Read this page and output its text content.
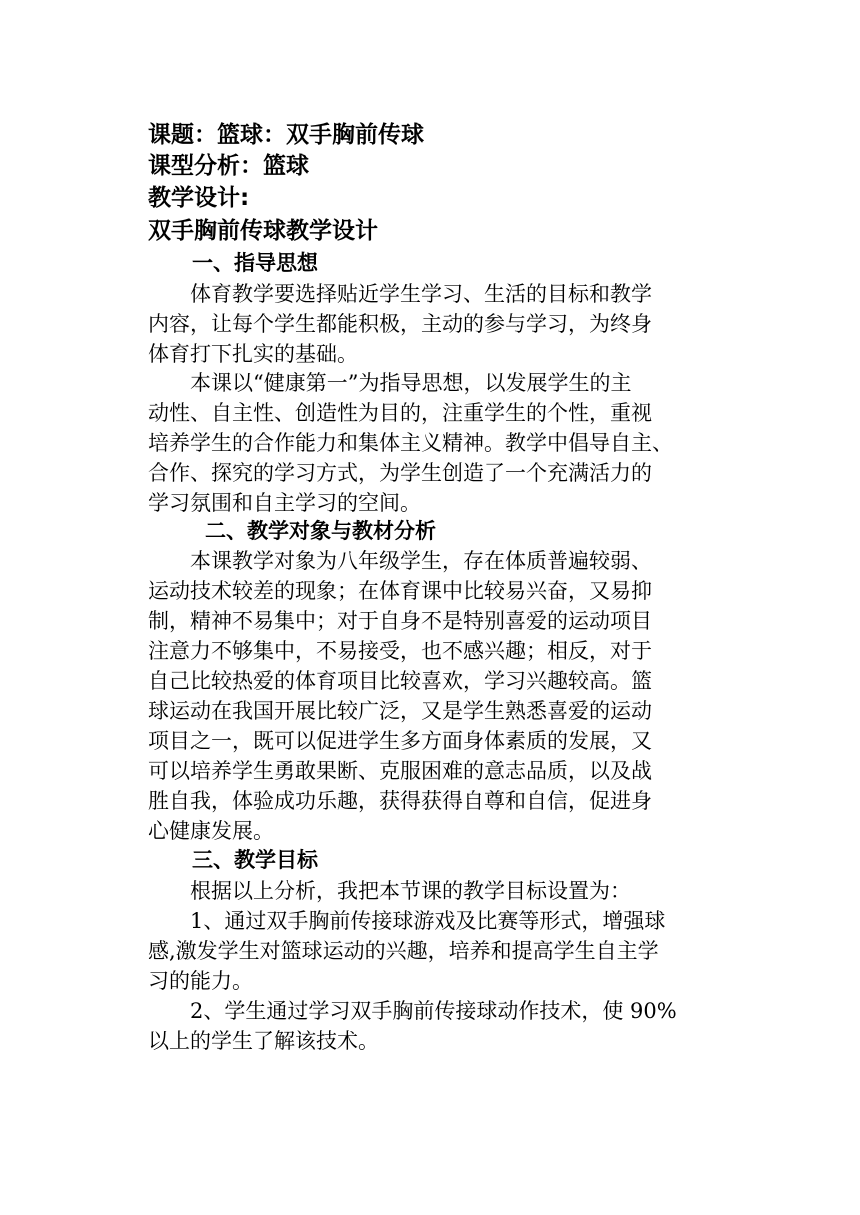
课题：篮球：双手胸前传球
课型分析：篮球
教学设计:
双手胸前传球教学设计
一、指导思想
　　体育教学要选择贴近学生学习、生活的目标和教学
内容，让每个学生都能积极，主动的参与学习，为终身
体育打下扎实的基础。
　　本课以“健康第一”为指导思想，以发展学生的主
动性、自主性、创造性为目的，注重学生的个性，重视
培养学生的合作能力和集体主义精神。教学中倡导自主、
合作、探究的学习方式，为学生创造了一个充满活力的
学习氛围和自主学习的空间。
二、教学对象与教材分析
　　本课教学对象为八年级学生，存在体质普遍较弱、
运动技术较差的现象；在体育课中比较易兴奋，又易抑
制，精神不易集中；对于自身不是特别喜爱的运动项目
注意力不够集中，不易接受，也不感兴趣；相反，对于
自己比较热爱的体育项目比较喜欢，学习兴趣较高。篮
球运动在我国开展比较广泛，又是学生熟悉喜爱的运动
项目之一，既可以促进学生多方面身体素质的发展，又
可以培养学生勇敢果断、克服困难的意志品质，以及战
胜自我，体验成功乐趣，获得获得自尊和自信，促进身
心健康发展。
三、教学目标
　　根据以上分析，我把本节课的教学目标设置为：
　　1、通过双手胸前传接球游戏及比赛等形式，增强球
感,激发学生对篮球运动的兴趣，培养和提高学生自主学
习的能力。
　　2、学生通过学习双手胸前传接球动作技术，使 90%
以上的学生了解该技术。
